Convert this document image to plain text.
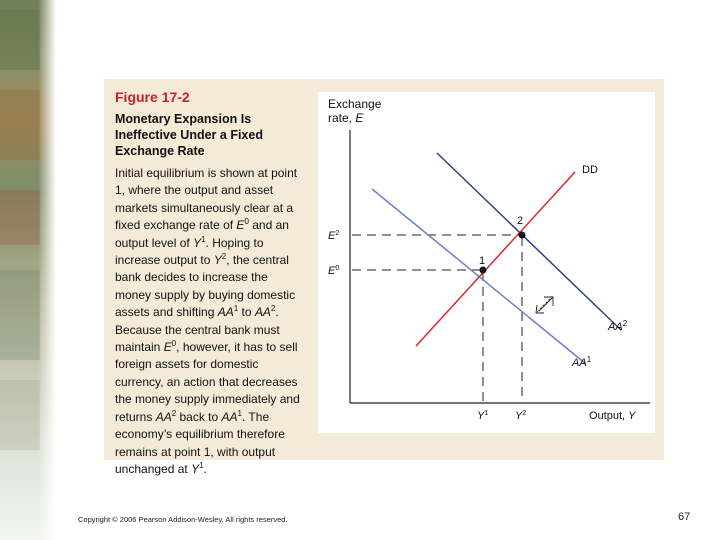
Figure 17-2

Monetary Expansion Is Ineffective Under a Fixed Exchange Rate

Initial equilibrium is shown at point 1, where the output and asset markets simultaneously clear at a fixed exchange rate of $E^0$ and an output level of $Y^1$. Hoping to increase output to $Y^2$, the central bank decides to increase the money supply by buying domestic assets and shifting $AA^1$ to $AA^2$. Because the central bank must maintain $E^0$, however, it has to sell foreign assets for domestic currency, an action that decreases the money supply immediately and returns $AA^2$ back to $AA^1$. The economy’s equilibrium therefore remains at point 1, with output unchanged at $Y^1$.

Exchange
rate, E
1
2
DD
$AA^2$
$AA^1$
$E^2$
$E^0$
$Y^1$ $Y^2$	Output, Y
Copyright © 2006 Pearson Addison-Wesley. All rights reserved.	67
